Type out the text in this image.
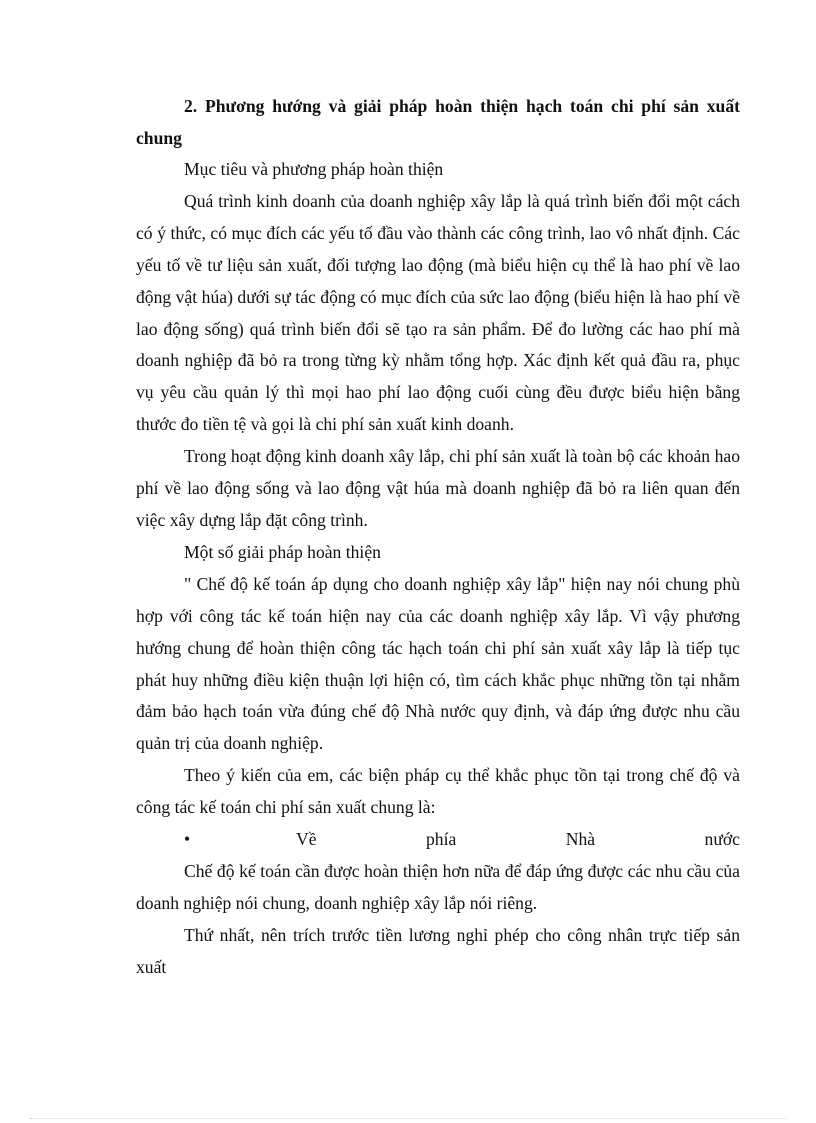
2. Phương hướng và giải pháp hoàn thiện hạch toán chi phí sản xuất chung

Mục tiêu và phương pháp hoàn thiện

Quá trình kinh doanh của doanh nghiệp xây lắp là quá trình biến đổi một cách có ý thức, có mục đích các yếu tố đầu vào thành các công trình, lao vô nhất định. Các yếu tố về tư liệu sản xuất, đối tượng lao động (mà biểu hiện cụ thể là hao phí về lao động vật húa) dưới sự tác động có mục đích của sức lao động (biểu hiện là hao phí về lao động sống) quá trình biến đổi sẽ tạo ra sản phẩm. Để đo lường các hao phí mà doanh nghiệp đã bỏ ra trong từng kỳ nhằm tổng hợp. Xác định kết quả đầu ra, phục vụ yêu cầu quản lý thì mọi hao phí lao động cuối cùng đều được biểu hiện bằng thước đo tiền tệ và gọi là chi phí sản xuất kinh doanh.

Trong hoạt động kinh doanh xây lắp, chi phí sản xuất là toàn bộ các khoản hao phí về lao động sống và lao động vật húa mà doanh nghiệp đã bỏ ra liên quan đến việc xây dựng lắp đặt công trình.

Một số giải pháp hoàn thiện

" Chế độ kế toán áp dụng cho doanh nghiệp xây lắp" hiện nay nói chung phù hợp với công tác kế toán hiện nay của các doanh nghiệp xây lắp. Vì vậy phương hướng chung để hoàn thiện công tác hạch toán chi phí sản xuất xây lắp là tiếp tục phát huy những điều kiện thuận lợi hiện có, tìm cách khắc phục những tồn tại nhằm đảm bảo hạch toán vừa đúng chế độ Nhà nước quy định, và đáp ứng được nhu cầu quản trị của doanh nghiệp.

Theo ý kiến của em, các biện pháp cụ thể khắc phục tồn tại trong chế độ và công tác kế toán chi phí sản xuất chung là:

•	Về	phía	Nhà	nước

Chế độ kế toán cần được hoàn thiện hơn nữa để đáp ứng được các nhu cầu của doanh nghiệp nói chung, doanh nghiệp xây lắp nói riêng.

Thứ nhất, nên trích trước tiền lương nghỉ phép cho công nhân trực tiếp sản xuất
